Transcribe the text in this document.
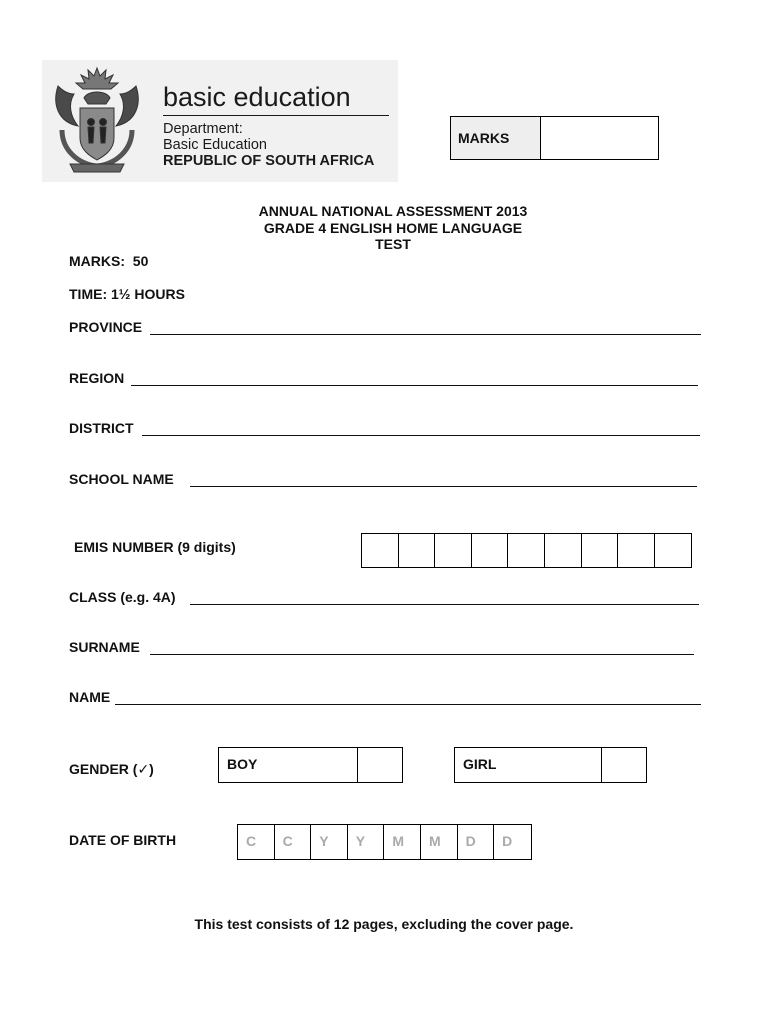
basic education
Department:
Basic Education
REPUBLIC OF SOUTH AFRICA
MARKS
ANNUAL NATIONAL ASSESSMENT 2013
GRADE 4 ENGLISH HOME LANGUAGE
TEST
MARKS: 50
TIME: 1½ HOURS
PROVINCE
REGION
DISTRICT
SCHOOL NAME
EMIS NUMBER (9 digits)
CLASS (e.g. 4A)
SURNAME
NAME
GENDER (✓)	BOY	GIRL
DATE OF BIRTH	C	C	Y	Y	M	M	D	D
This test consists of 12 pages, excluding the cover page.
